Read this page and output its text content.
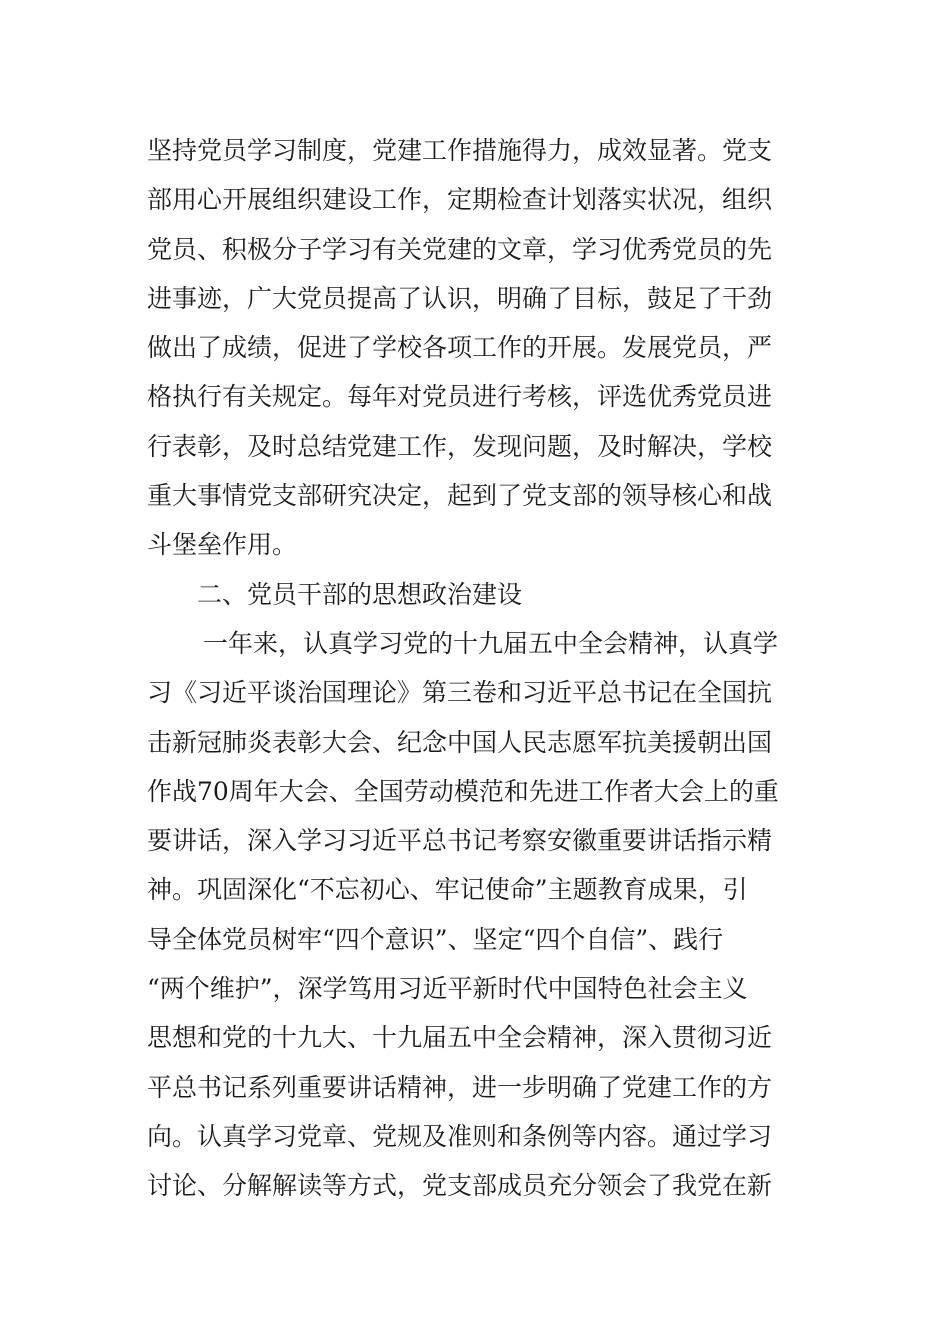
坚持党员学习制度，党建工作措施得力，成效显著。党支
部用心开展组织建设工作，定期检查计划落实状况，组织
党员、积极分子学习有关党建的文章，学习优秀党员的先
进事迹，广大党员提高了认识，明确了目标，鼓足了干劲
做出了成绩，促进了学校各项工作的开展。发展党员，严
格执行有关规定。每年对党员进行考核，评选优秀党员进
行表彰，及时总结党建工作，发现问题，及时解决，学校
重大事情党支部研究决定，起到了党支部的领导核心和战
斗堡垒作用。
二、党员干部的思想政治建设
一年来，认真学习党的十九届五中全会精神，认真学
习《习近平谈治国理论》第三卷和习近平总书记在全国抗
击新冠肺炎表彰大会、纪念中国人民志愿军抗美援朝出国
作战70周年大会、全国劳动模范和先进工作者大会上的重
要讲话，深入学习习近平总书记考察安徽重要讲话指示精
神。巩固深化“不忘初心、牢记使命”主题教育成果，引
导全体党员树牢“四个意识”、坚定“四个自信”、践行
“两个维护”，深学笃用习近平新时代中国特色社会主义
思想和党的十九大、十九届五中全会精神，深入贯彻习近
平总书记系列重要讲话精神，进一步明确了党建工作的方
向。认真学习党章、党规及准则和条例等内容。通过学习
讨论、分解解读等方式，党支部成员充分领会了我党在新
